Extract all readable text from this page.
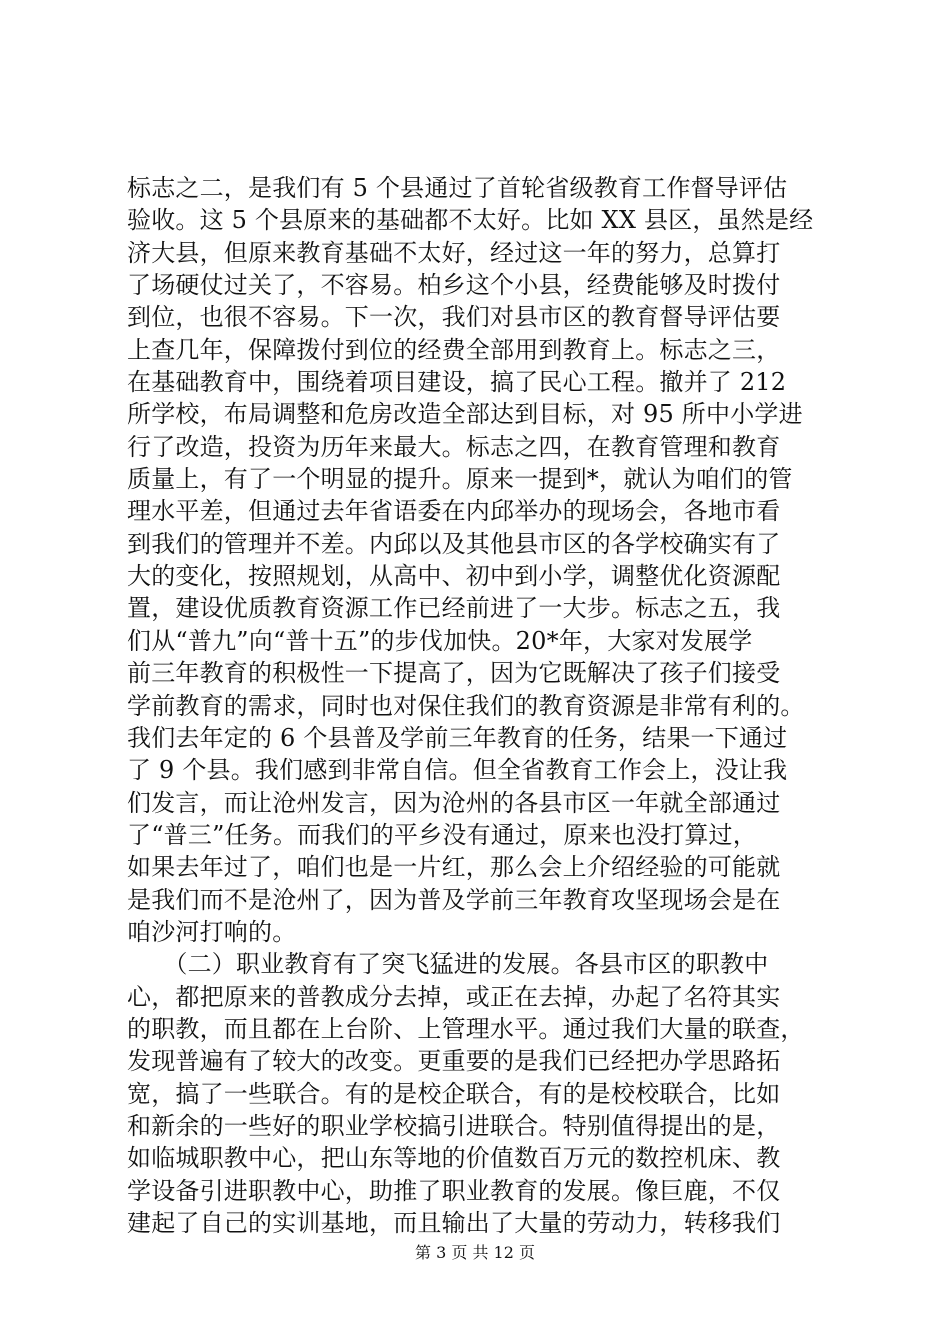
标志之二，是我们有 5 个县通过了首轮省级教育工作督导评估
验收。这 5 个县原来的基础都不太好。比如 XX 县区，虽然是经
济大县，但原来教育基础不太好，经过这一年的努力，总算打
了场硬仗过关了，不容易。柏乡这个小县，经费能够及时拨付
到位，也很不容易。下一次，我们对县市区的教育督导评估要
上查几年，保障拨付到位的经费全部用到教育上。标志之三，
在基础教育中，围绕着项目建设，搞了民心工程。撤并了 212
所学校，布局调整和危房改造全部达到目标，对 95 所中小学进
行了改造，投资为历年来最大。标志之四，在教育管理和教育
质量上，有了一个明显的提升。原来一提到*，就认为咱们的管
理水平差，但通过去年省语委在内邱举办的现场会，各地市看
到我们的管理并不差。内邱以及其他县市区的各学校确实有了
大的变化，按照规划，从高中、初中到小学，调整优化资源配
置，建设优质教育资源工作已经前进了一大步。标志之五，我
们从“普九”向“普十五”的步伐加快。20*年，大家对发展学
前三年教育的积极性一下提高了，因为它既解决了孩子们接受
学前教育的需求，同时也对保住我们的教育资源是非常有利的。
我们去年定的 6 个县普及学前三年教育的任务，结果一下通过
了 9 个县。我们感到非常自信。但全省教育工作会上，没让我
们发言，而让沧州发言，因为沧州的各县市区一年就全部通过
了“普三”任务。而我们的平乡没有通过，原来也没打算过，
如果去年过了，咱们也是一片红，那么会上介绍经验的可能就
是我们而不是沧州了，因为普及学前三年教育攻坚现场会是在
咱沙河打响的。
　　（二）职业教育有了突飞猛进的发展。各县市区的职教中
心，都把原来的普教成分去掉，或正在去掉，办起了名符其实
的职教，而且都在上台阶、上管理水平。通过我们大量的联查，
发现普遍有了较大的改变。更重要的是我们已经把办学思路拓
宽，搞了一些联合。有的是校企联合，有的是校校联合，比如
和新余的一些好的职业学校搞引进联合。特别值得提出的是，
如临城职教中心，把山东等地的价值数百万元的数控机床、教
学设备引进职教中心，助推了职业教育的发展。像巨鹿，不仅
建起了自己的实训基地，而且输出了大量的劳动力，转移我们
第 3 页 共 12 页
